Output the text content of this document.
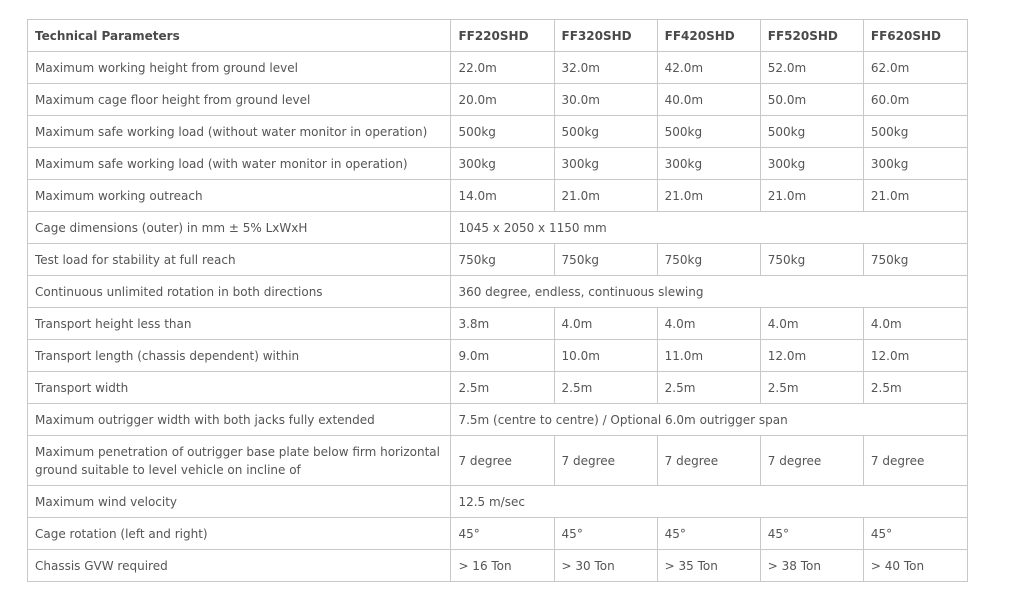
Technical Parameters	FF220SHD	FF320SHD	FF420SHD	FF520SHD	FF620SHD
Maximum working height from ground level	22.0m	32.0m	42.0m	52.0m	62.0m
Maximum cage floor height from ground level	20.0m	30.0m	40.0m	50.0m	60.0m
Maximum safe working load (without water monitor in operation)	500kg	500kg	500kg	500kg	500kg
Maximum safe working load (with water monitor in operation)	300kg	300kg	300kg	300kg	300kg
Maximum working outreach	14.0m	21.0m	21.0m	21.0m	21.0m
Cage dimensions (outer) in mm ± 5% LxWxH	1045 x 2050 x 1150 mm				
Test load for stability at full reach	750kg	750kg	750kg	750kg	750kg
Continuous unlimited rotation in both directions	360 degree, endless, continuous slewing				
Transport height less than	3.8m	4.0m	4.0m	4.0m	4.0m
Transport length (chassis dependent) within	9.0m	10.0m	11.0m	12.0m	12.0m
Transport width	2.5m	2.5m	2.5m	2.5m	2.5m
Maximum outrigger width with both jacks fully extended	7.5m (centre to centre) / Optional 6.0m outrigger span				
Maximum penetration of outrigger base plate below firm horizontal ground suitable to level vehicle on incline of	7 degree	7 degree	7 degree	7 degree	7 degree
Maximum wind velocity	12.5 m/sec				
Cage rotation (left and right)	45°	45°	45°	45°	45°
Chassis GVW required	> 16 Ton	> 30 Ton	> 35 Ton	> 38 Ton	> 40 Ton
